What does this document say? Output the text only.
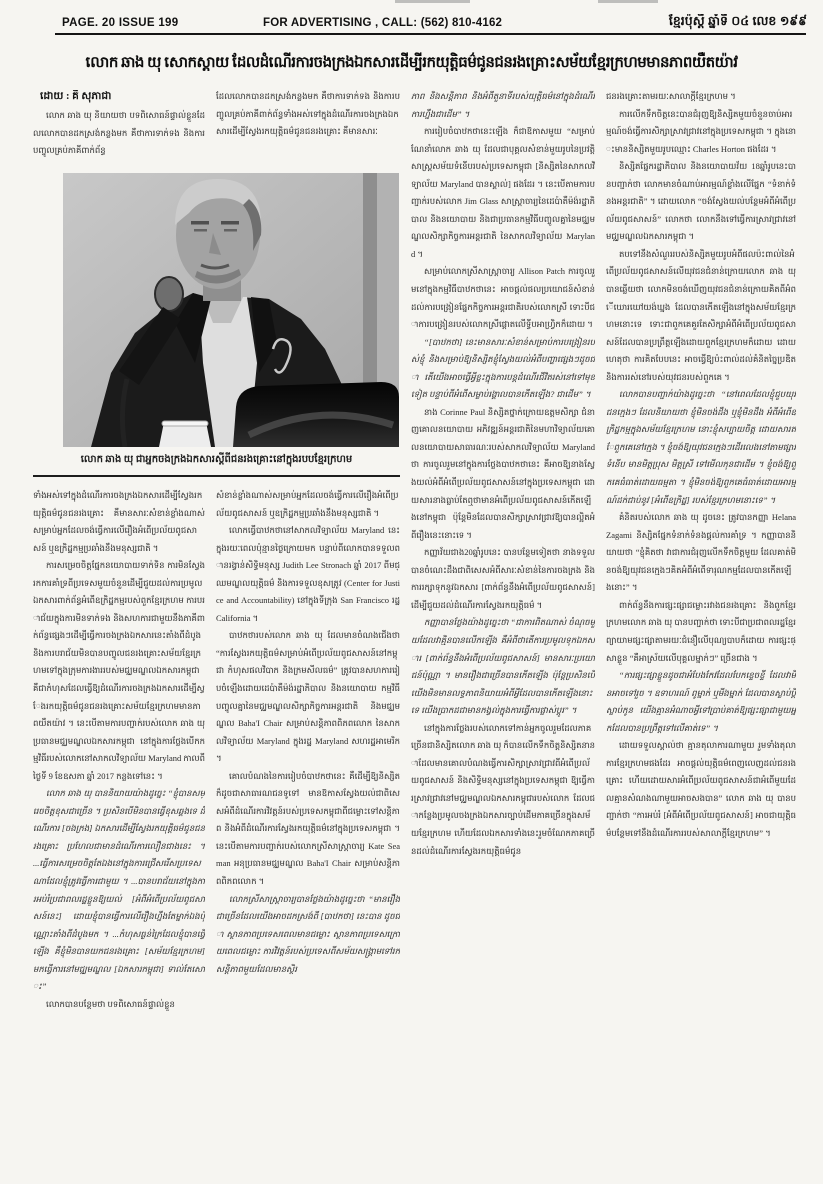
PAGE. 20 ISSUE 199	FOR ADVERTISING , CALL: (562) 810-4162	ខ្មែរប៉ុស្ដិ៍ ឆ្នាំទី ០៤ លេខ ១៩៩
លោក ឆាង យុ សោកស្ដាយ ដែលដំណើរការចងក្រងឯកសារដើម្បីរកយុត្តិធម៌ជូនជនរងគ្រោះសម័យខ្មែរក្រហមមានភាពយឺតយ៉ាវ
ដោយ : គី សុភាជា

លោក ឆាង យុ និយាយថា បទពិសោធន៍ផ្ទាល់ខ្លួនដែលលោកបានដកស្រង់កន្លងមក គឺថាការទាក់ទង និងការបញ្ចូលគ្រប់ភាគីពាក់ព័ន្ធ

ដែលលោកបានដកស្រង់កន្លងមក គឺថាការទាក់ទង និងការបញ្ចូលគ្រប់ភាគីពាក់ព័ន្ធទាំងអស់ទៅក្នុងដំណើរការចងក្រងឯកសារដើម្បីស្វែងរកយុត្តិធម៌ជូនជនរងគ្រោះ គឺមានសារៈ

ទាំងអស់ទៅក្នុងដំណើរការចងក្រងឯកសារដើម្បីស្វែងរកយុត្តិធម៌ជូនជនរងគ្រោះ គឺមានសារៈសំខាន់ខ្លាំងណាស់សម្រាប់អ្នកដែលចង់ធ្វើការលើរឿងអំពើប្រល័យពូជសាសន៍ ឬឧក្រិដ្ឋកម្មប្រឆាំងនឹងមនុស្សជាតិ ។

ការសម្រេចចិត្តផ្នែកនយោបាយទាក់ទិន ការមិនស្វែងរកការគាំទ្រពីប្រទេសមួយចំនួនដើម្បីជួយដល់ការប្រមូលឯកសារពាក់ព័ន្ធអំពើឧក្រិដ្ឋកម្មរបស់ពួកខ្មែរក្រហម ការបរាជ័យក្នុងការមិនទាក់ទង និងសហការជាមួយនឹងភាគីពាក់ព័ន្ធផ្សេងៗដើម្បីធ្វើការចងក្រងឯកសារនេះតាំងពីដំបូង និងការបរាជ័យមិនបានបញ្ចូលជនរងគ្រោះសម័យខ្មែរក្រហមទៅក្នុងក្រុមការងាររបស់មជ្ឈមណ្ឌលឯកសារកម្ពុជា គឺជាកំហុសដែលធ្វើឱ្យដំណើរការចងក្រងឯកសារដើម្បីស្វែងរកយុត្តិធម៌ជូនជនរងគ្រោះសម័យខ្មែរក្រហមមានភាពយឺតយ៉ាវ ។ នេះបើតាមការបញ្ជាក់របស់លោក ឆាង យុ ប្រធានមជ្ឈមណ្ឌលឯកសារកម្ពុជា នៅក្នុងការថ្លែងបើកកម្មវិធីរបស់លោកនៅសាកលវិទ្យាល័យ Maryland កាលពីថ្ងៃទី 9 ខែឧសភា ឆ្នាំ 2017 កន្លងទៅនេះ ។

លោក ឆាង យុ បាននិយាយយ៉ាងដូច្នេះ “ខ្ញុំបានសម្រេចចិត្តខុសជាច្រើន ។ ប្រសិនបើមិនបានធ្វើខុសឆ្គងទេ ដំណើរការ [ចងក្រង] ឯកសារដើម្បីស្វែងរកយុត្តិធម៌ជូនជនរងគ្រោះ ប្រហែលជាមានដំណើរការលឿនជាងនេះ ។ ...ធ្វើការសម្រេចចិត្តតែឯងនៅក្នុងការជ្រើសរើសប្រទេសណាដែលខ្ញុំត្រូវធ្វើការជាមួយ ។ ...បានបរាជ័យនៅក្នុងការអប់រំប្រជាពលរដ្ឋខ្លួនឱ្យយល់ [អំពីអំពើប្រល័យពូជសាសន៍នេះ] ដោយខ្ញុំបានធ្វើការលើរឿងហ្នឹងតែម្នាក់ឯងប៉ុណ្ណោះតាំងពីដំបូងមក ។ ...កំហុសធ្ងន់ក្រៃដែលខ្ញុំបានធ្វើឡើង គឺខ្ញុំមិនបានយកជនរងគ្រោះ [សម័យខ្មែរក្រហម] មកធ្វើការនៅមជ្ឈមណ្ឌល [ឯកសារកម្ពុជា] ទាល់តែសោះ”

លោកបានបន្ថែមថា បទពិសោធន៍ផ្ទាល់ខ្លួន

សំខាន់ខ្លាំងណាស់សម្រាប់អ្នកដែលចង់ធ្វើការលើរឿងអំពើប្រល័យពូជសាសន៍ ឬឧក្រិដ្ឋកម្មប្រឆាំងនឹងមនុស្សជាតិ ។

លោកធ្វើបាឋកថានៅសាកលវិទ្យាល័យ Maryland នេះក្នុងរយៈពេលប៉ុន្មានថ្ងៃក្រោយមក បន្ទាប់ពីលោកបានទទួលពានរង្វាន់សិទ្ធិមនុស្ស Judith Lee Stronach ឆ្នាំ 2017 ពីមជ្ឈមណ្ឌលយុត្តិធម៌ និងការទទួលខុសត្រូវ (Center for Justice and Accountability) នៅក្នុងទីក្រុង San Francisco រដ្ឋ California ។

បាឋកថារបស់លោក ឆាង យុ ដែលមានចំណងជើងថា “ការស្វែងរកយុត្តិធម៌សម្រាប់អំពើប្រល័យពូជសាសន៍នៅកម្ពុជា កំហុសផលវិបាក និងក្រមសីលធម៌” ត្រូវបានសហការរៀបចំឡើងដោយដេប៉ាតឺម៉ង់រដ្ឋាភិបាល និងនយោបាយ កម្មវិធីបញ្ចូលគ្នានៃមជ្ឈមណ្ឌលសិក្សាកិច្ចការអន្តរជាតិ និងមជ្ឈមណ្ឌល Baha'I Chair សម្រាប់សន្តិភាពពិភពលោក នៃសាកលវិទ្យាល័យ Maryland ក្នុងរដ្ឋ Maryland សហរដ្ឋអាមេរិក ។

គោលបំណងនៃការរៀបចំបាឋកថានេះ គឺដើម្បីឱ្យនិស្សិត ក៏ដូចជាសាធារណជនទូទៅ មានឱកាសស្វែងយល់ជាពិសេសអំពីដំណើរការវិវត្តន៍របស់ប្រទេសកម្ពុជាពីជម្លោះទៅសន្តិភាព និងអំពីដំណើរការស្វែងរកយុត្តិធម៌នៅក្នុងប្រទេសកម្ពុជា ។ នេះបើតាមការបញ្ជាក់របស់លោកស្រីសាស្ត្រាចារ្យ Kate Seaman អនុប្រធានមជ្ឈមណ្ឌល Baha'I Chair សម្រាប់សន្តិភាពពិភពលោក ។

លោកស្រីសាស្ត្រាចារ្យបានថ្លែងយ៉ាងដូច្នេះថា “មានរឿងជាច្រើនដែលយើងអាចដកស្រង់ពី [បាឋកថា] នេះបាន ដូចជា ស្ថានភាពប្រទេសពេលមានជម្លោះ ស្ថានភាពប្រទេសក្រោយពេលជម្លោះ ការវិវត្តន៍របស់ប្រទេសពីសម័យសង្គ្រាមទៅរកសន្តិភាពមួយដែលមានស្ថិរ

ភាព និងសន្តិភាព និងអំពីតួនាទីរបស់យុត្តិធម៌នៅក្នុងដំណើរការហ្នឹងជាដើម” ។

ការរៀបចំបាឋកថានេះឡើង ក៏ជាឱកាសមួយ “សម្រាប់ណែនាំលោក ឆាង យុ ដែលជាបុគ្គលសំខាន់មួយរូបនៃប្រវត្តិសាស្ត្រសម័យទំនើបរបស់ប្រទេសកម្ពុជា [និស្សិតនៃសាកលវិទ្យាល័យ Maryland បានស្គាល់] ផងដែរ ។ នេះបើតាមការបញ្ជាក់របស់លោក Jim Glass សាស្ត្រាចារ្យនៃដេប៉ាតឺម៉ង់រដ្ឋាភិបាល និងនយោបាយ និងជាប្រធានកម្មវិធីបញ្ចូលគ្នានៃមជ្ឈមណ្ឌលសិក្សាកិច្ចការអន្តរជាតិ នៃសាកលវិទ្យាល័យ Maryland ។

សម្រាប់លោកស្រីសាស្ត្រាចារ្យ Allison Patch ការចូលរួមនៅក្នុងកម្មវិធីបាឋកថានេះ អាចផ្តល់ផលប្រយោជន៍សំខាន់ដល់ការបង្រៀនផ្នែកកិច្ចការអន្តរជាតិរបស់លោកស្រី ទោះបីជាការបង្រៀនរបស់លោកស្រីផ្តោតលើទ្វីបអាហ្វ្រិកក៏ដោយ ។

“[បាឋកថា] នេះមានសារៈសំខាន់សម្រាប់ការបង្រៀនរបស់ខ្ញុំ និងសម្រាប់ឱ្យនិស្សិតខ្ញុំស្វែងយល់អំពីបញ្ហាផ្សេងៗដូចជា តើយើងអាចធ្វើអ្វីខ្លះក្នុងការបន្តដំណើរជីវិតរស់នៅទៅមុខទៀត បន្ទាប់ពីអំពើសម្លាប់រង្គាលបានកើតឡើង? ជាដើម” ។

នាង Corinne Paul និស្សិតថ្នាក់ក្រោយឧត្តមសិក្សា ជំនាញគោលនយោបាយ អភិវឌ្ឍន៍អន្តរជាតិនៃមហាវិទ្យាល័យគោលនយោបាយសាធារណៈរបស់សាកលវិទ្យាល័យ Maryland ថា ការចូលរួមនៅក្នុងការថ្លែងបាឋកថានេះ គឺអាចឱ្យនាងស្វែងយល់អំពីអំពើប្រល័យពូជសាសន៍នៅក្នុងប្រទេសកម្ពុជា ដោយសារនាងធ្លាប់តែឮថាមានអំពើប្រល័យពូជសាសន៍កើតឡើងនៅកម្ពុជា ប៉ុន្តែមិនដែលបានសិក្សាស្រាវជ្រាវឱ្យបានល្អិតអំពីរឿងនេះនោះទេ ។

កញ្ញាវ័យជាង20ឆ្នាំរូបនេះ បានបន្ថែមទៀតថា នាងទទួលបានចំណេះដឹងជាពិសេសអំពីសារៈសំខាន់នៃការចងក្រង និងការរក្សាទុកនូវឯកសារ [ពាក់ព័ន្ធនឹងអំពើប្រល័យពូជសាសន៍] ដើម្បីជួយដល់ដំណើរការស្វែងរកយុត្តិធម៌ ។

កញ្ញាបានថ្លែងយ៉ាងដូច្នេះថា “ជាការពិតណាស់ ចំណុចមួយដែលវាគ្មិនបានលើកឡើង គឺអំពីថាតើការប្រមូលទុកឯកសារ [ពាក់ព័ន្ធនឹងអំពើប្រល័យពូជសាសន៍] មានសារៈប្រយោជន៍ប៉ុណ្ណា ។ មានរឿងជាច្រើនបានកើតឡើង ប៉ុន្តែប្រសិនបើយើងមិនមានលទ្ធភាពនិយាយអំពីអ្វីដែលបានកើតឡើងនោះទេ យើងប្រាកដជាមានកង្វល់ក្នុងការធ្វើការផ្លាស់ប្តូរ” ។

នៅក្នុងការថ្លែងរបស់លោកទៅកាន់អ្នកចូលរួមដែលភាគច្រើនជានិស្សិតលោក ឆាង យុ ក៏បានលើកទឹកចិត្តនិស្សិតនានាដែលមានគោលបំណងធ្វើការសិក្សាស្រាវជ្រាវពីអំពើប្រល័យពូជសាសន៍ និងសិទ្ធិមនុស្សនៅក្នុងប្រទេសកម្ពុជា ឱ្យធ្វើការស្រាវជ្រាវនៅមជ្ឈមណ្ឌលឯកសារកម្ពុជារបស់លោក ដែលជាកន្លែងប្រមូលចងក្រងឯកសារច្បាប់ដើមភាគច្រើនក្នុងសម័យខ្មែរក្រហម ហើយដែលឯកសារទាំងនេះរួមចំណែកភាគច្រើនដល់ដំណើរការស្វែងរកយុត្តិធម៌ជូន

ជនរងគ្រោះតាមរយៈសាលាក្តីខ្មែរក្រហម ។

ការលើកទឹកចិត្តនេះបានជំរុញឱ្យនិស្សិតមួយចំនួនចាប់អារម្មណ៍ចង់ធ្វើការសិក្សាស្រាវជ្រាវនៅក្នុងប្រទេសកម្ពុជា ។ ក្នុងនោះមាននិស្សិតមួយរូបឈ្មោះ Charles Horton ផងដែរ ។

និស្សិតផ្នែករដ្ឋាភិបាល និងនយោបាយវ័យ 18ឆ្នាំរូបនេះបានបញ្ជាក់ថា លោកមានចំណាប់អារម្មណ៍ខ្លាំងលើផ្នែក “ទំនាក់ទំនងអន្តរជាតិ” ។ ដោយលោក “ចង់ស្វែងយល់បន្ថែមអំពីអំពើប្រល័យពូជសាសន៍” លោកថា លោកនឹងទៅធ្វើការស្រាវជ្រាវនៅមជ្ឈមណ្ឌលឯកសារកម្ពុជា ។

តបទៅនឹងសំណួររបស់និស្សិតមួយរូបអំពីផលប៉ះពាល់នៃអំពើប្រល័យពូជសាសន៍លើយុវជនជំនាន់ក្រោយលោក ឆាង យុ បានឆ្លើយថា លោកមិនចង់ឃើញយុវជនជំនាន់ក្រោយគិតពីអំពើឃោរឃៅយង់ឃ្នង ដែលបានកើតឡើងនៅក្នុងសម័យខ្មែរក្រហមនោះទេ ទោះជាពួកគេគួរតែសិក្សាអំពីអំពើប្រល័យពូជសាសន៍ដែលបានប្រព្រឹត្តឡើងដោយពួកខ្មែរក្រហមក៏ដោយ ដោយហេតុថា ការគិតបែបនេះ អាចធ្វើឱ្យប៉ះពាល់ដល់គំនិតច្នៃប្រឌិត និងការរស់នៅរបស់យុវជនរបស់ពួកគេ ។

លោកបានបញ្ជាក់យ៉ាងដូច្នេះថា “នៅពេលដែលខ្ញុំជួបយុវជនក្មេងៗ ដែលនិយាយថា ខ្ញុំមិនចង់ដឹង ឬខ្ញុំមិនដឹង អំពីអំពើឧក្រិដ្ឋកម្មក្នុងសម័យខ្មែរក្រហម នោះខ្ញុំសប្បាយចិត្ត ដោយសារតែពួកគេនៅក្មេង ។ ខ្ញុំចង់ឱ្យយុវជនក្មេងៗដើរលេងនៅតាមផ្សារទំនើប មានមិត្តប្រុស មិត្តស្រី ទៅមើលកុនជាដើម ។ ខ្ញុំចង់ឱ្យពួកគេធំធាត់ដោយធម្មតា ។ ខ្ញុំមិនចង់ឱ្យពួកគេធំធាត់ដោយអារម្មណ៍ដក់ជាប់នូវ [អំពើឧក្រិដ្ឋ] របស់ខ្មែរក្រហមនោះទេ” ។

គំនិតរបស់លោក ឆាង យុ ដូចនេះ ត្រូវបានកញ្ញា Helana Zagami និស្សិតផ្នែកទំនាក់ទំនងផ្តល់ការគាំទ្រ ។ កញ្ញាបាននិយាយថា “ខ្ញុំគិតថា វាជាការជំរុញលើកទឹកចិត្តមួយ ដែលគាត់មិនចង់ឱ្យយុវជនក្មេងៗគិតអំពីអំពើទារុណកម្មដែលបានកើតឡើងនោះ” ។

ពាក់ព័ន្ធនឹងការផ្សះផ្សាជម្លោះរវាងជនរងគ្រោះ និងពួកខ្មែរក្រហមលោក ឆាង យុ បានបញ្ជាក់ថា ទោះបីជាប្រជាពលរដ្ឋខ្មែរព្យាយាមផ្សះផ្សាតាមរយៈជំនឿលើបុណ្យបាបក៏ដោយ ការផ្សះផ្សាខ្លួន “គឺអាស្រ័យលើបុគ្គលម្នាក់ៗ” ច្រើនជាង ។

“ការផ្សះផ្សាខ្លួនដូចជាអំបែងកែវដែលបែកខ្ទេចខ្ទី ដែលវាមិនអាចទៅរួច ។ ឧទាហរណ៍ ពូម្នាក់ ឬមីងម្នាក់ ដែលបានស្លាប់ប្តី ស្លាប់កូន យើងគ្មានអំណាចអ្វីទៅប្រាប់គាត់ឱ្យផ្សះផ្សាជាមួយអ្នកដែលបានប្រព្រឹត្តទៅលើគាត់ទេ” ។

ដោយទទួលស្គាល់ថា គ្មានតុលាការណាមួយ រួមទាំងតុលាការខ្មែរក្រហមផងដែរ អាចផ្តល់យុត្តិធម៌ពេញលេញដល់ជនរងគ្រោះ ហើយដោយសារអំពើប្រល័យពូជសាសន៍ជាអំពើមួយដែលគ្មានសំណងណាមួយអាចសងបាន” លោក ឆាង យុ បានបញ្ជាក់ថា “ការអប់រំ [អំពីអំពើប្រល័យពូជសាសន៍] អាចជាយុត្តិធម៌បន្ថែមទៅនឹងដំណើរការរបស់សាលាក្តីខ្មែរក្រហម” ។

លោក ឆាង យុ ជាអ្នកចងក្រងឯកសារស្ដីពីជនរងគ្រោះនៅក្នុងរបបខ្មែរក្រហម
